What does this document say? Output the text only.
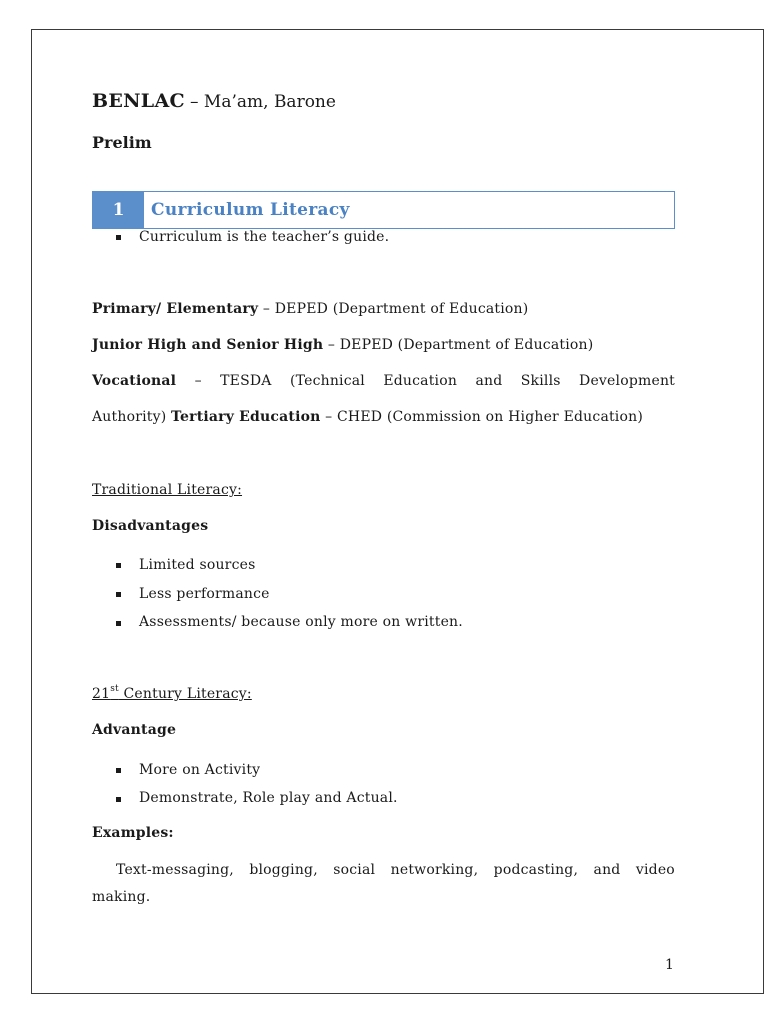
BENLAC – Ma’am, Barone
Prelim
1	Curriculum Literacy
Curriculum is the teacher’s guide.
Primary/ Elementary – DEPED (Department of Education)
Junior High and Senior High – DEPED (Department of Education)
Vocational – TESDA (Technical Education and Skills Development
Authority) Tertiary Education – CHED (Commission on Higher Education)
Traditional Literacy:
Disadvantages
Limited sources
Less performance
Assessments/ because only more on written.
21st Century Literacy:
Advantage
More on Activity
Demonstrate, Role play and Actual.
Examples:
Text-messaging, blogging, social networking, podcasting, and video
making.
1
